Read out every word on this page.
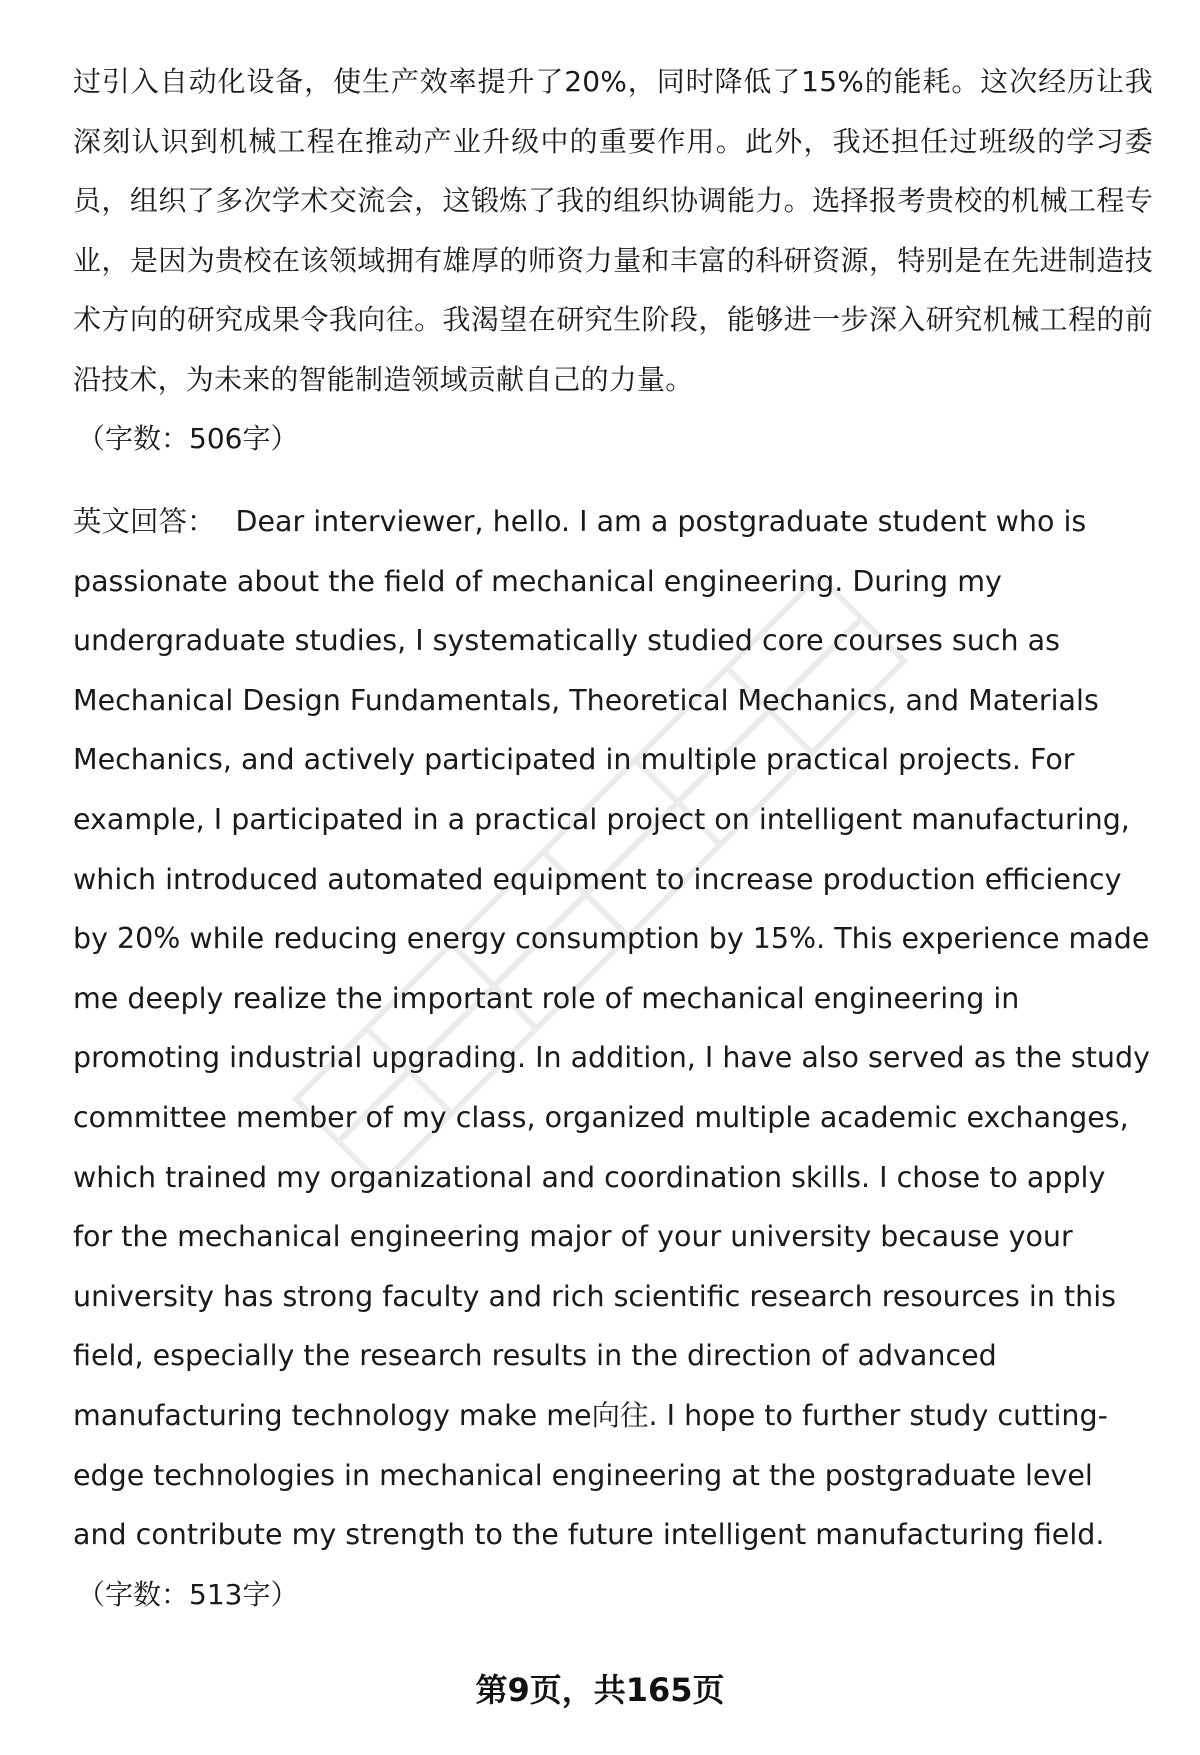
过引入自动化设备，使生产效率提升了20%，同时降低了15%的能耗。这次经历让我深刻认识到机械工程在推动产业升级中的重要作用。此外，我还担任过班级的学习委员，组织了多次学术交流会，这锻炼了我的组织协调能力。选择报考贵校的机械工程专业，是因为贵校在该领域拥有雄厚的师资力量和丰富的科研资源，特别是在先进制造技术方向的研究成果令我向往。我渴望在研究生阶段，能够进一步深入研究机械工程的前沿技术，为未来的智能制造领域贡献自己的力量。

（字数：506字）

英文回答： Dear interviewer, hello. I am a postgraduate student who is passionate about the field of mechanical engineering. During my undergraduate studies, I systematically studied core courses such as Mechanical Design Fundamentals, Theoretical Mechanics, and Materials Mechanics, and actively participated in multiple practical projects. For example, I participated in a practical project on intelligent manufacturing, which introduced automated equipment to increase production efficiency by 20% while reducing energy consumption by 15%. This experience made me deeply realize the important role of mechanical engineering in promoting industrial upgrading. In addition, I have also served as the study committee member of my class, organized multiple academic exchanges, which trained my organizational and coordination skills. I chose to apply for the mechanical engineering major of your university because your university has strong faculty and rich scientific research resources in this field, especially the research results in the direction of advanced manufacturing technology make me向往. I hope to further study cutting-edge technologies in mechanical engineering at the postgraduate level and contribute my strength to the future intelligent manufacturing field.

（字数：513字）

第9页，共165页
